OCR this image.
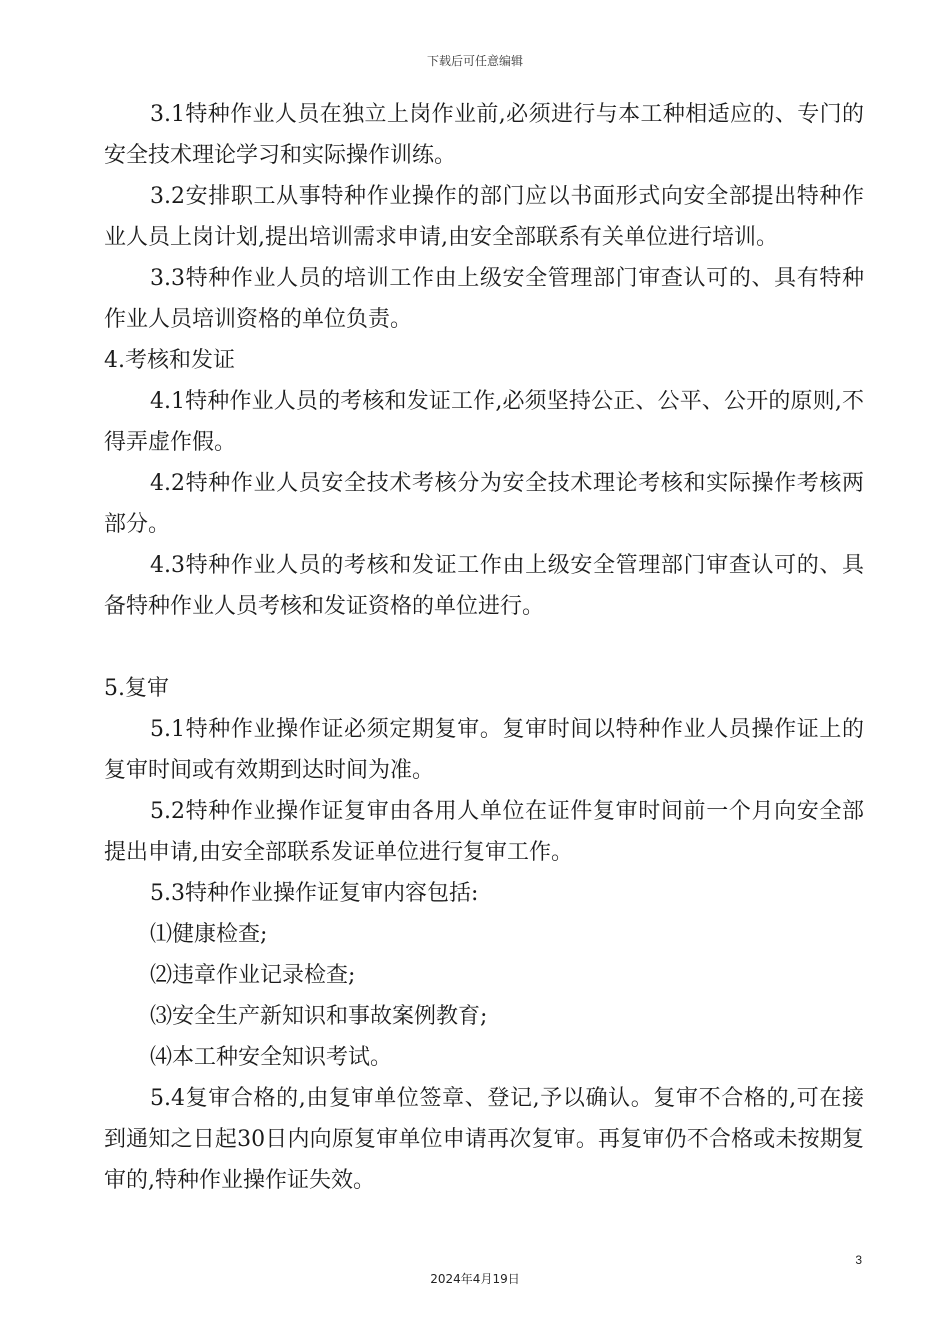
下载后可任意编辑

3.1特种作业人员在独立上岗作业前,必须进行与本工种相适应的、专门的安全技术理论学习和实际操作训练。

3.2安排职工从事特种作业操作的部门应以书面形式向安全部提出特种作业人员上岗计划,提出培训需求申请,由安全部联系有关单位进行培训。

3.3特种作业人员的培训工作由上级安全管理部门审查认可的、具有特种作业人员培训资格的单位负责。

4.考核和发证

4.1特种作业人员的考核和发证工作,必须坚持公正、公平、公开的原则,不得弄虚作假。

4.2特种作业人员安全技术考核分为安全技术理论考核和实际操作考核两部分。

4.3特种作业人员的考核和发证工作由上级安全管理部门审查认可的、具备特种作业人员考核和发证资格的单位进行。

5.复审

5.1特种作业操作证必须定期复审。复审时间以特种作业人员操作证上的复审时间或有效期到达时间为准。

5.2特种作业操作证复审由各用人单位在证件复审时间前一个月向安全部提出申请,由安全部联系发证单位进行复审工作。

5.3特种作业操作证复审内容包括:

⑴健康检查;

⑵违章作业记录检查;

⑶安全生产新知识和事故案例教育;

⑷本工种安全知识考试。

5.4复审合格的,由复审单位签章、登记,予以确认。复审不合格的,可在接到通知之日起30日内向原复审单位申请再次复审。再复审仍不合格或未按期复审的,特种作业操作证失效。

3
2024年4月19日
